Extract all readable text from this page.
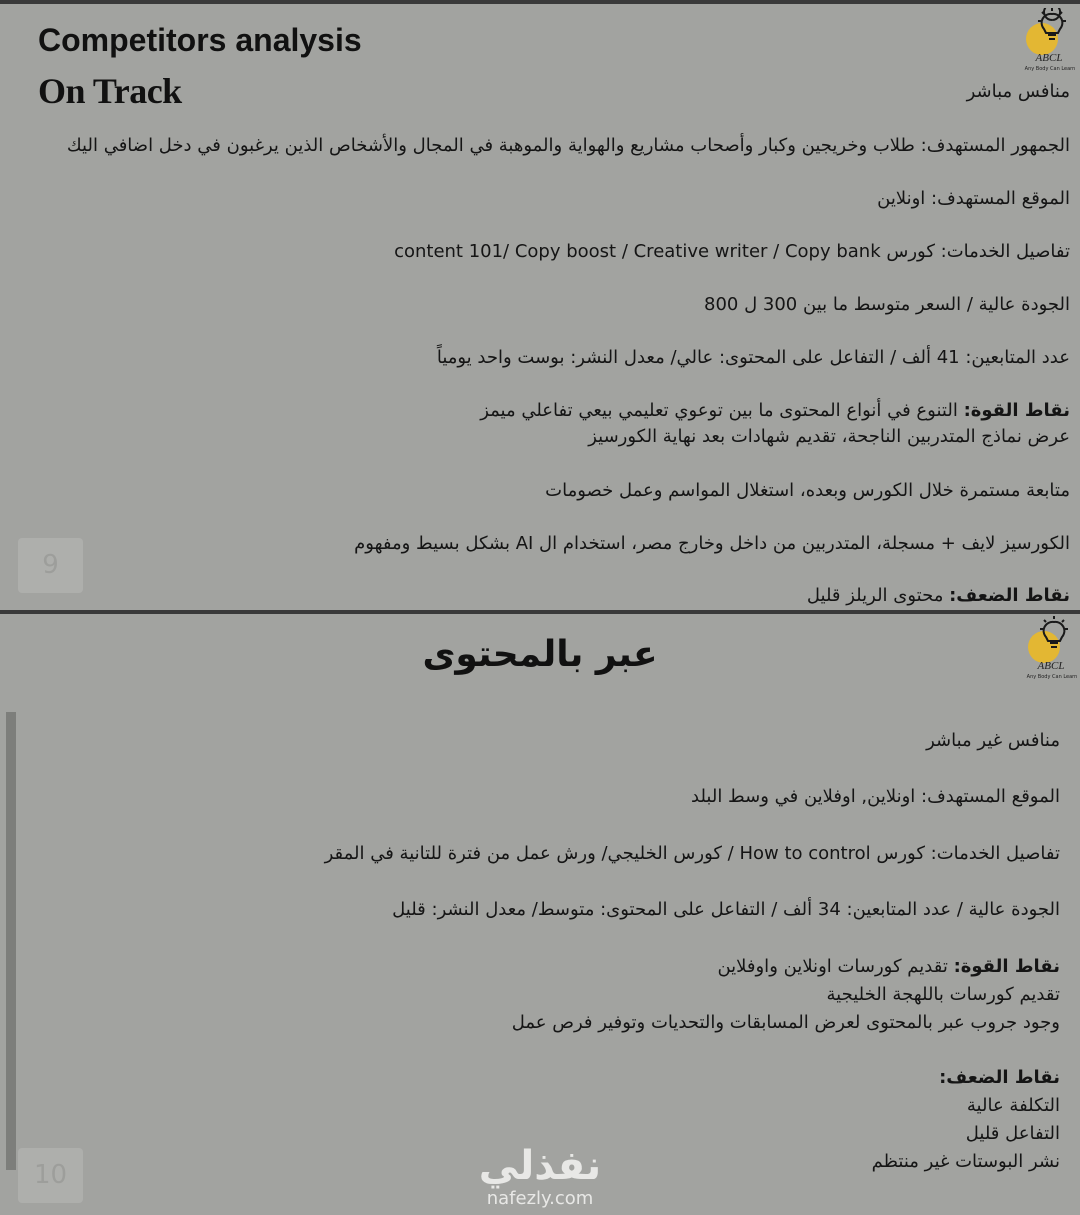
Competitors analysis
On Track
ABCL
Any Body Can Learn
منافس مباشر
الجمهور المستهدف: طلاب وخريجين وكبار وأصحاب مشاريع والهواية والموهبة في المجال والأشخاص الذين يرغبون في دخل اضافي اليك
الموقع المستهدف: اونلاين
تفاصيل الخدمات: كورس content 101/ Copy boost / Creative writer / Copy bank
الجودة عالية / السعر متوسط ما بين 300 ل 800
عدد المتابعين: 41 ألف / التفاعل على المحتوى: عالي/ معدل النشر: بوست واحد يومياً
نقاط القوة: التنوع في أنواع المحتوى ما بين توعوي تعليمي بيعي تفاعلي ميمز
عرض نماذج المتدربين الناجحة، تقديم شهادات بعد نهاية الكورسيز
متابعة مستمرة خلال الكورس وبعده، استغلال المواسم وعمل خصومات
الكورسيز لايف + مسجلة، المتدربين من داخل وخارج مصر، استخدام ال AI بشكل بسيط ومفهوم
نقاط الضعف: محتوى الريلز قليل
9
عبر بالمحتوى	ABCL
Any Body Can Learn
منافس غير مباشر
الموقع المستهدف: اونلاين, اوفلاين في وسط البلد
تفاصيل الخدمات: كورس How to control / كورس الخليجي/ ورش عمل من فترة للتانية في المقر
الجودة عالية / عدد المتابعين: 34 ألف / التفاعل على المحتوى: متوسط/ معدل النشر: قليل
نقاط القوة: تقديم كورسات اونلاين واوفلاين
تقديم كورسات باللهجة الخليجية
وجود جروب عبر بالمحتوى لعرض المسابقات والتحديات وتوفير فرص عمل
نقاط الضعف:
التكلفة عالية
التفاعل قليل
نشر البوستات غير منتظم
10	نفذلي
nafezly.com
